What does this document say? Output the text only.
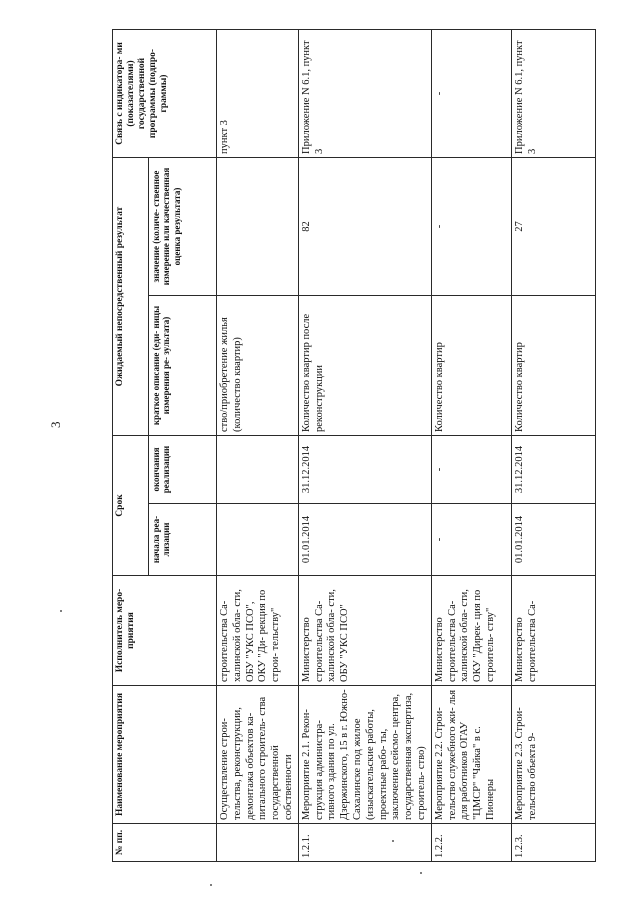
3
№ пп.	Наименование мероприятия	Исполнитель меро- приятия	Срок		Ожидаемый непосредственный результат		Связь с индикатора- ми (показателями) государственной программы (подпро- граммы)
			начала реа- лизации	окончания реализации	краткое описание (еди- ницы измерения ре- зультата)	значение (количе- ственное измерение или качественная оценка результата)	
	Осуществление строи- тельства, реконструкции, демонтажа объектов ка- питального строитель- ства государственной собственности	строительства Са- халинской обла- сти, ОБУ "УКС ПСО", ОКУ "Ди- рекция по строи- тельству"			ство/приобретение жилья (количество квартир)		пункт 3
1.2.1.	Мероприятие 2.1. Рекон- струкция администра- тивного здания по ул. Дзержинского, 15 в г. Южно-Сахалинске под жилое (изыскательские работы, проектные рабо- ты, заключение сейсмо- центра, государственная экспертиза, строитель- ство)	Министерство строительства Са- халинской обла- сти, ОБУ "УКС ПСО"	01.01.2014	31.12.2014	Количество квартир после реконструкции	82	Приложение N 6.1, пункт 3
1.2.2.	Мероприятие 2.2. Строи- тельство служебного жи- лья для работников ОГАУ "ЦМСР" "Чайка" в с. Пионеры	Министерство строительства Са- халинской обла- сти, ОКУ "Дирек- ция по строитель- ству"	-	-	Количество квартир	-	-
1.2.3.	Мероприятие 2.3. Строи- тельство объекта 9-	Министерство строительства Са-	01.01.2014	31.12.2014	Количество квартир	27	Приложение N 6.1, пункт 3
